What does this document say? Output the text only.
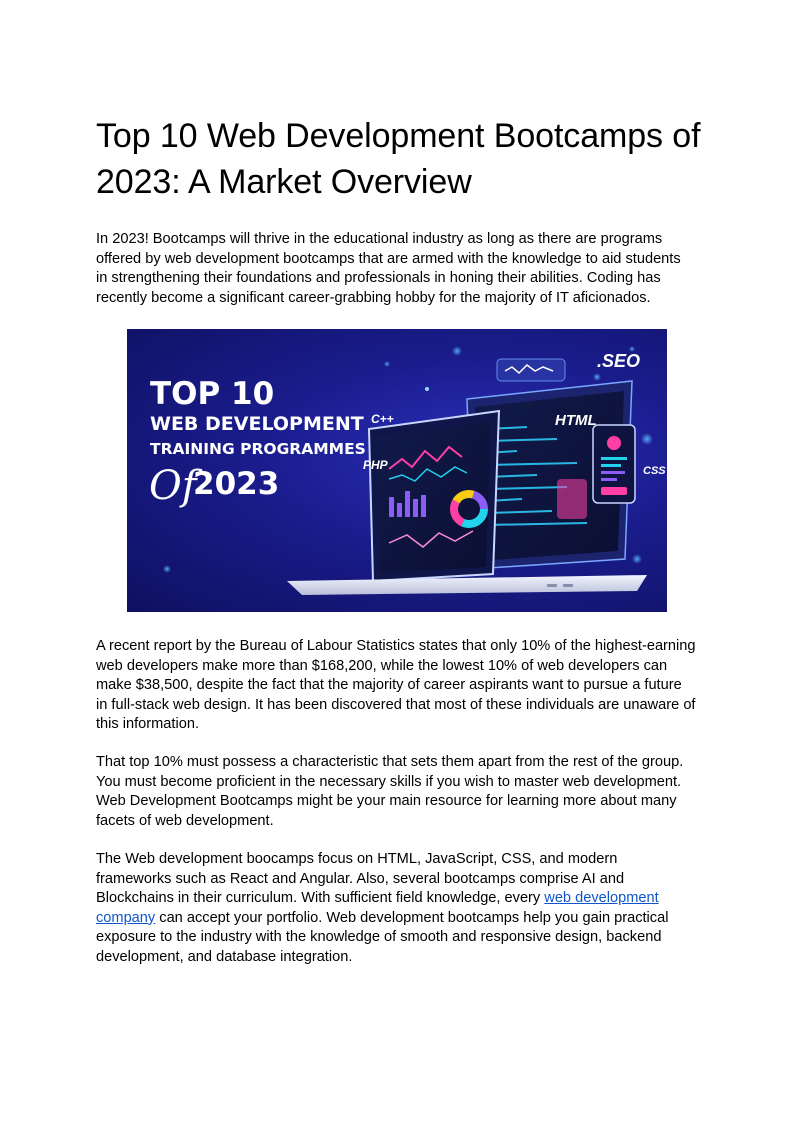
Top 10 Web Development Bootcamps of 2023: A Market Overview

In 2023! Bootcamps will thrive in the educational industry as long as there are programs offered by web development bootcamps that are armed with the knowledge to aid students in strengthening their foundations and professionals in honing their abilities. Coding has recently become a significant career-grabbing hobby for the majority of IT aficionados.

A recent report by the Bureau of Labour Statistics states that only 10% of the highest-earning web developers make more than $168,200, while the lowest 10% of web developers can make $38,500, despite the fact that the majority of career aspirants want to pursue a future in full-stack web design. It has been discovered that most of these individuals are unaware of this information.

That top 10% must possess a characteristic that sets them apart from the rest of the group. You must become proficient in the necessary skills if you wish to master web development. Web Development Bootcamps might be your main resource for learning more about many facets of web development.

The Web development boocamps focus on HTML, JavaScript, CSS, and modern frameworks such as React and Angular. Also, several bootcamps comprise AI and Blockchains in their curriculum. With sufficient field knowledge, every web development company can accept your portfolio. Web development bootcamps help you gain practical exposure to the industry with the knowledge of smooth and responsive design, backend development, and database integration.

.SEO
HTML
C++
PHP	CSS
TOP 10
WEB DEVELOPMENT
TRAINING PROGRAMMES
Of
2023
